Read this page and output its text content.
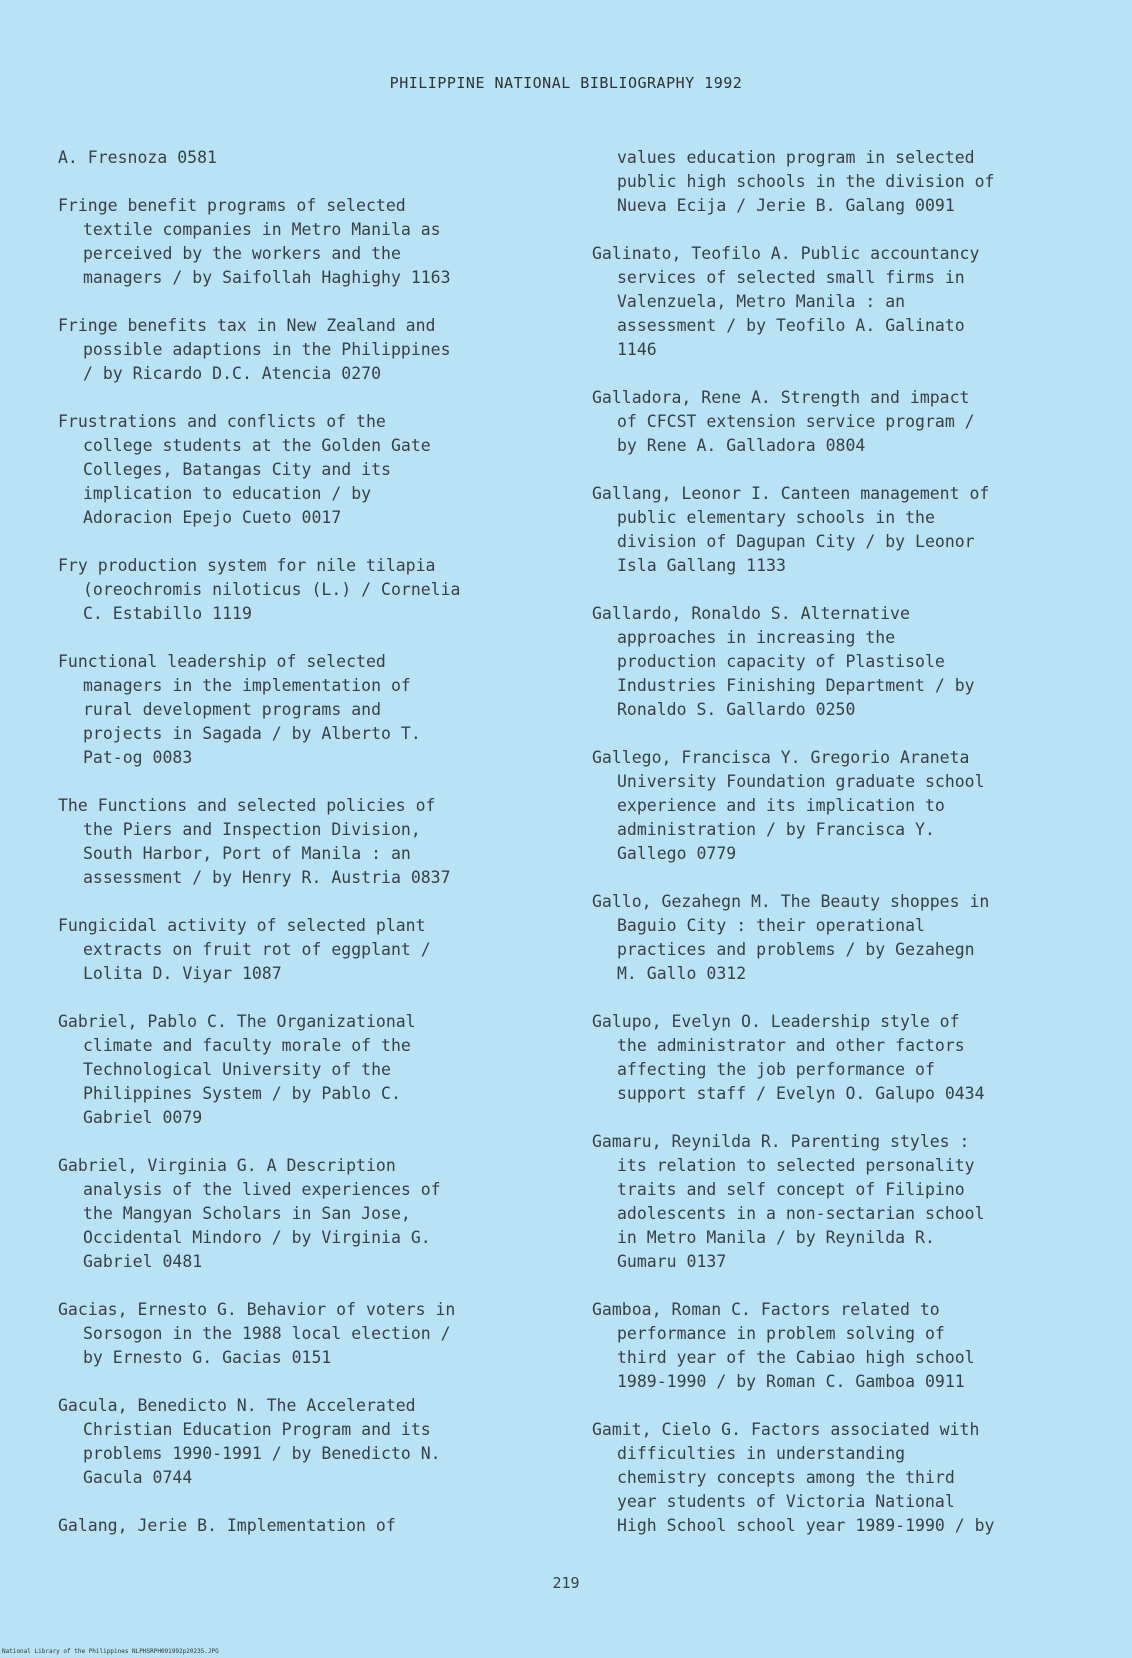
PHILIPPINE NATIONAL BIBLIOGRAPHY 1992
A. Fresnoza 0581
Fringe benefit programs of selected
textile companies in Metro Manila as
perceived by the workers and the
managers / by Saifollah Haghighy 1163
Fringe benefits tax in New Zealand and
possible adaptions in the Philippines
/ by Ricardo D.C. Atencia 0270
Frustrations and conflicts of the
college students at the Golden Gate
Colleges, Batangas City and its
implication to education / by
Adoracion Epejo Cueto 0017
Fry production system for nile tilapia
(oreochromis niloticus (L.) / Cornelia
C. Estabillo 1119
Functional leadership of selected
managers in the implementation of
rural development programs and
projects in Sagada / by Alberto T.
Pat-og 0083
The Functions and selected policies of
the Piers and Inspection Division,
South Harbor, Port of Manila : an
assessment / by Henry R. Austria 0837
Fungicidal activity of selected plant
extracts on fruit rot of eggplant /
Lolita D. Viyar 1087
Gabriel, Pablo C. The Organizational
climate and faculty morale of the
Technological University of the
Philippines System / by Pablo C.
Gabriel 0079
Gabriel, Virginia G. A Description
analysis of the lived experiences of
the Mangyan Scholars in San Jose,
Occidental Mindoro / by Virginia G.
Gabriel 0481
Gacias, Ernesto G. Behavior of voters in
Sorsogon in the 1988 local election /
by Ernesto G. Gacias 0151
Gacula, Benedicto N. The Accelerated
Christian Education Program and its
problems 1990-1991 / by Benedicto N.
Gacula 0744
Galang, Jerie B. Implementation of
values education program in selected
public high schools in the division of
Nueva Ecija / Jerie B. Galang 0091
Galinato, Teofilo A. Public accountancy
services of selected small firms in
Valenzuela, Metro Manila : an
assessment / by Teofilo A. Galinato
1146
Galladora, Rene A. Strength and impact
of CFCST extension service program /
by Rene A. Galladora 0804
Gallang, Leonor I. Canteen management of
public elementary schools in the
division of Dagupan City / by Leonor
Isla Gallang 1133
Gallardo, Ronaldo S. Alternative
approaches in increasing the
production capacity of Plastisole
Industries Finishing Department / by
Ronaldo S. Gallardo 0250
Gallego, Francisca Y. Gregorio Araneta
University Foundation graduate school
experience and its implication to
administration / by Francisca Y.
Gallego 0779
Gallo, Gezahegn M. The Beauty shoppes in
Baguio City : their operational
practices and problems / by Gezahegn
M. Gallo 0312
Galupo, Evelyn O. Leadership style of
the administrator and other factors
affecting the job performance of
support staff / Evelyn O. Galupo 0434
Gamaru, Reynilda R. Parenting styles :
its relation to selected personality
traits and self concept of Filipino
adolescents in a non-sectarian school
in Metro Manila / by Reynilda R.
Gumaru 0137
Gamboa, Roman C. Factors related to
performance in problem solving of
third year of the Cabiao high school
1989-1990 / by Roman C. Gamboa 0911
Gamit, Cielo G. Factors associated with
difficulties in understanding
chemistry concepts among the third
year students of Victoria National
High School school year 1989-1990 / by
219
National Library of the Philippines NLPHSRPH091992p20235.JPG
